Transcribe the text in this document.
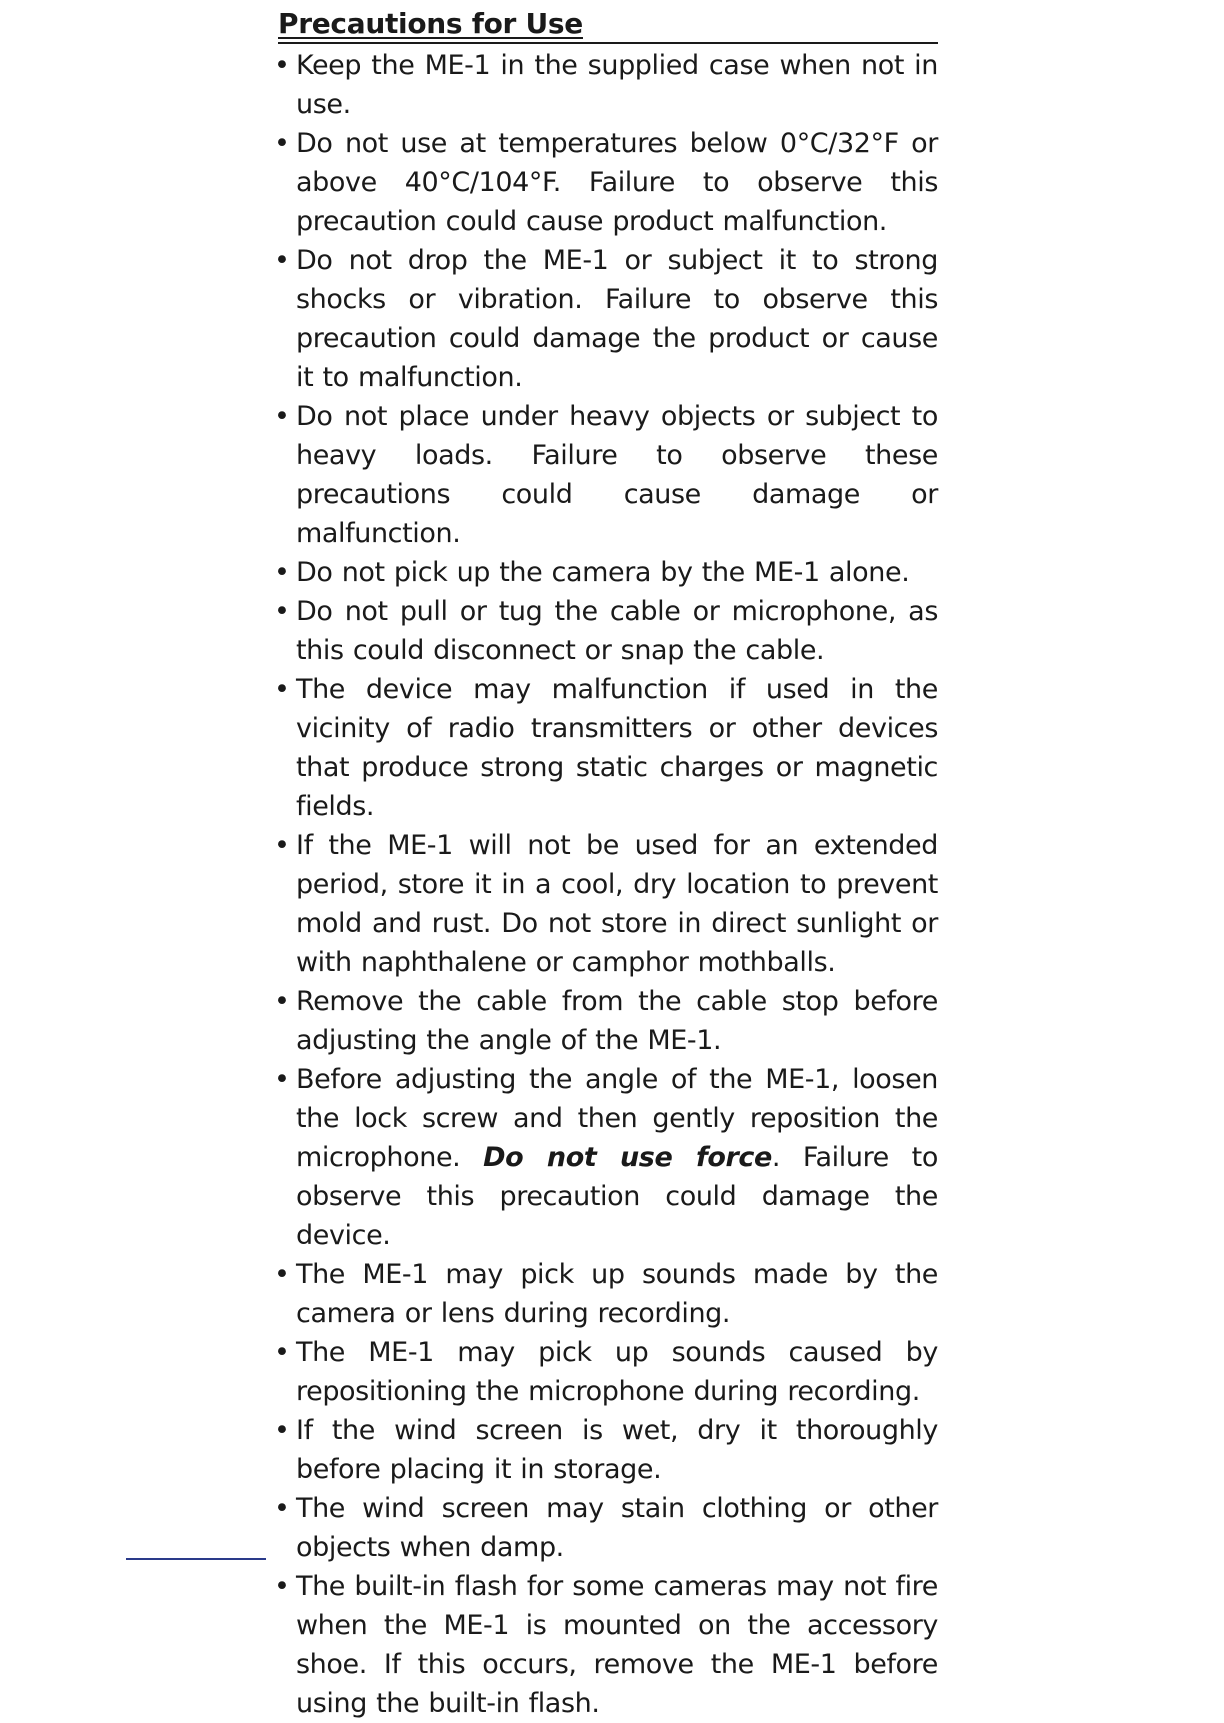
Precautions for Use
• Keep the ME-1 in the supplied case when not in use.
• Do not use at temperatures below 0°C/32°F or above 40°C/104°F. Failure to observe this precaution could cause product malfunction.
• Do not drop the ME-1 or subject it to strong shocks or vibration. Failure to observe this precaution could damage the product or cause it to malfunction.
• Do not place under heavy objects or subject to heavy loads. Failure to observe these precautions could cause damage or malfunction.
• Do not pick up the camera by the ME-1 alone.
• Do not pull or tug the cable or microphone, as this could disconnect or snap the cable.
• The device may malfunction if used in the vicinity of radio transmitters or other devices that produce strong static charges or magnetic fields.
• If the ME-1 will not be used for an extended period, store it in a cool, dry location to prevent mold and rust. Do not store in direct sunlight or with naphthalene or camphor mothballs.
• Remove the cable from the cable stop before adjusting the angle of the ME-1.
• Before adjusting the angle of the ME-1, loosen the lock screw and then gently reposition the microphone. Do not use force. Failure to observe this precaution could damage the device.
• The ME-1 may pick up sounds made by the camera or lens during recording.
• The ME-1 may pick up sounds caused by repositioning the microphone during recording.
• If the wind screen is wet, dry it thoroughly before placing it in storage.
• The wind screen may stain clothing or other objects when damp.
• The built-in flash for some cameras may not fire when the ME-1 is mounted on the accessory shoe. If this occurs, remove the ME-1 before using the built-in flash.
